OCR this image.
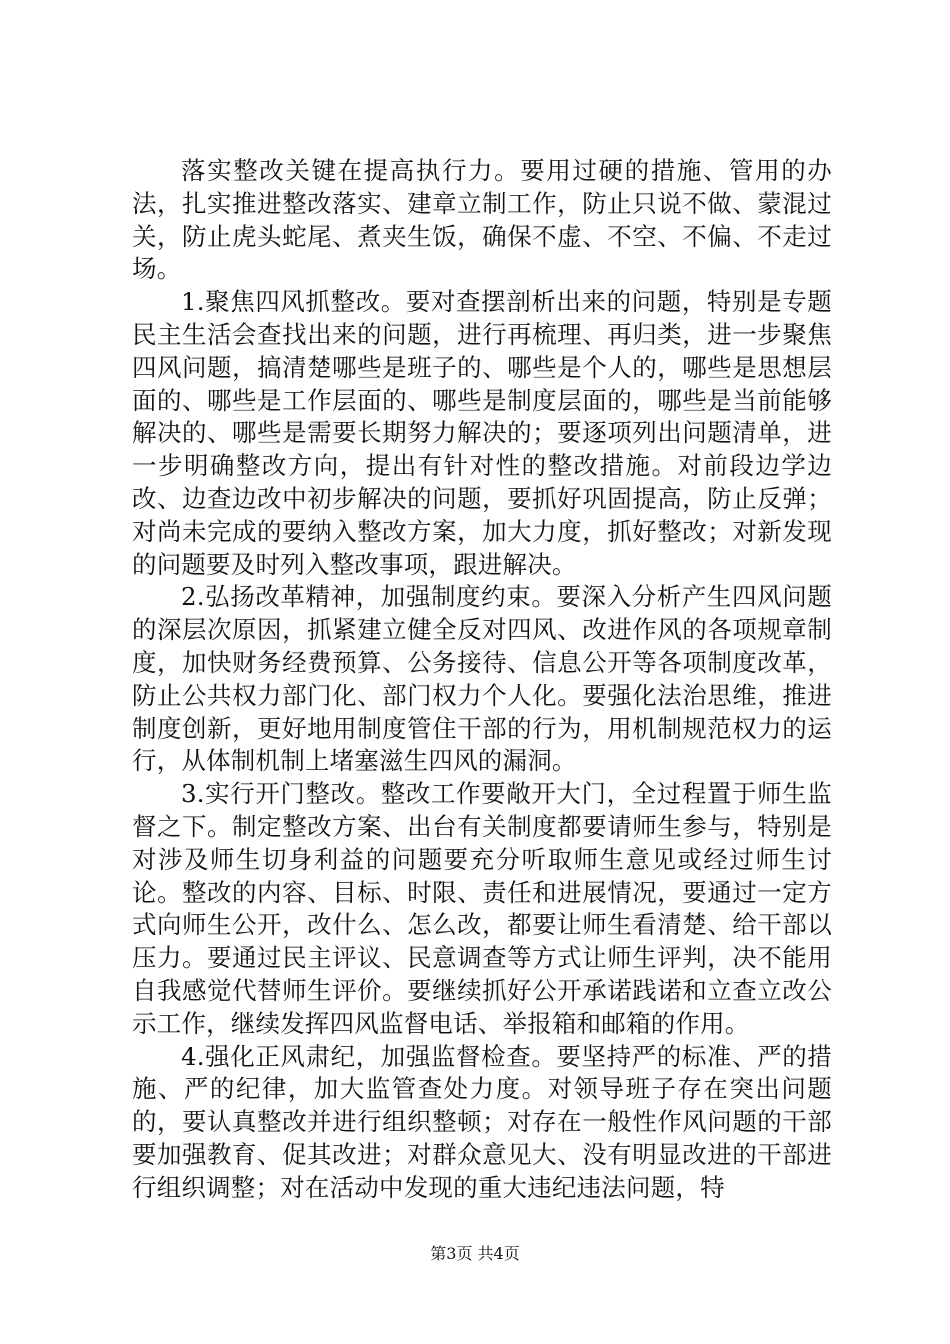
落实整改关键在提高执行力。要用过硬的措施、管用的办法，扎实推进整改落实、建章立制工作，防止只说不做、蒙混过关，防止虎头蛇尾、煮夹生饭，确保不虚、不空、不偏、不走过场。

1.聚焦四风抓整改。要对查摆剖析出来的问题，特别是专题民主生活会查找出来的问题，进行再梳理、再归类，进一步聚焦四风问题，搞清楚哪些是班子的、哪些是个人的，哪些是思想层面的、哪些是工作层面的、哪些是制度层面的，哪些是当前能够解决的、哪些是需要长期努力解决的；要逐项列出问题清单，进一步明确整改方向，提出有针对性的整改措施。对前段边学边改、边查边改中初步解决的问题，要抓好巩固提高，防止反弹；对尚未完成的要纳入整改方案，加大力度，抓好整改；对新发现的问题要及时列入整改事项，跟进解决。

2.弘扬改革精神，加强制度约束。要深入分析产生四风问题的深层次原因，抓紧建立健全反对四风、改进作风的各项规章制度，加快财务经费预算、公务接待、信息公开等各项制度改革，防止公共权力部门化、部门权力个人化。要强化法治思维，推进制度创新，更好地用制度管住干部的行为，用机制规范权力的运行，从体制机制上堵塞滋生四风的漏洞。

3.实行开门整改。整改工作要敞开大门，全过程置于师生监督之下。制定整改方案、出台有关制度都要请师生参与，特别是对涉及师生切身利益的问题要充分听取师生意见或经过师生讨论。整改的内容、目标、时限、责任和进展情况，要通过一定方式向师生公开，改什么、怎么改，都要让师生看清楚、给干部以压力。要通过民主评议、民意调查等方式让师生评判，决不能用自我感觉代替师生评价。要继续抓好公开承诺践诺和立查立改公示工作，继续发挥四风监督电话、举报箱和邮箱的作用。

4.强化正风肃纪，加强监督检查。要坚持严的标准、严的措施、严的纪律，加大监管查处力度。对领导班子存在突出问题的，要认真整改并进行组织整顿；对存在一般性作风问题的干部要加强教育、促其改进；对群众意见大、没有明显改进的干部进行组织调整；对在活动中发现的重大违纪违法问题，特

第3页 共4页
